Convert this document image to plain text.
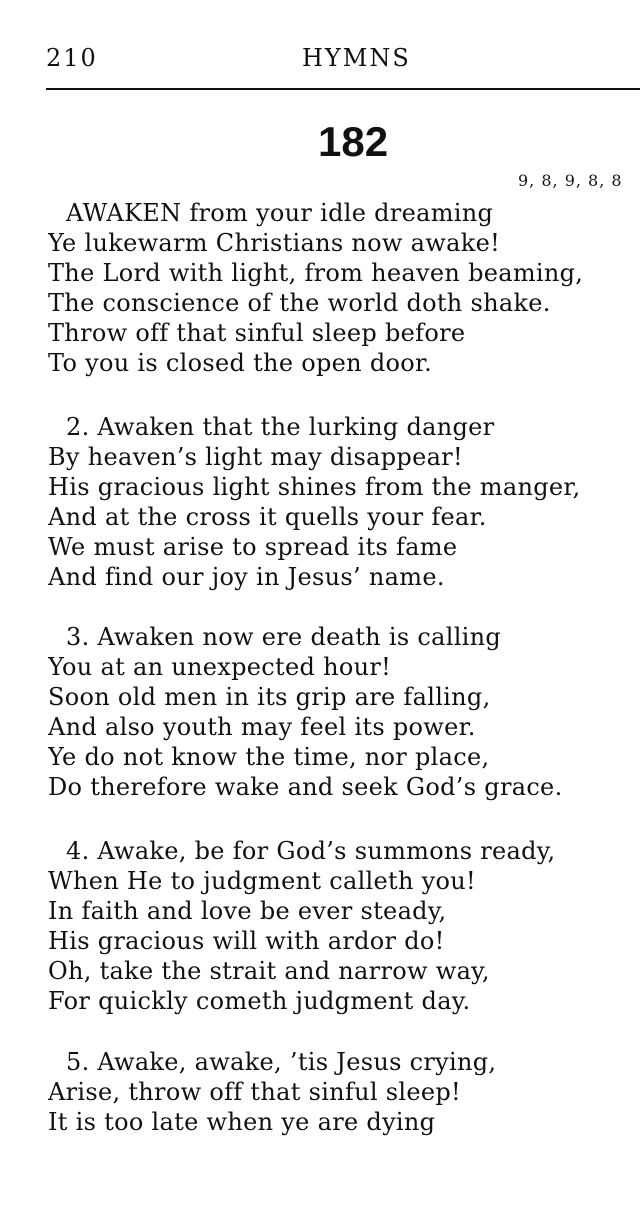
210	HYMNS
182
9, 8, 9, 8, 8
AWAKEN from your idle dreaming
Ye lukewarm Christians now awake!
The Lord with light, from heaven beaming,
The conscience of the world doth shake.
Throw off that sinful sleep before
To you is closed the open door.
2. Awaken that the lurking danger
By heaven’s light may disappear!
His gracious light shines from the manger,
And at the cross it quells your fear.
We must arise to spread its fame
And find our joy in Jesus’ name.
3. Awaken now ere death is calling
You at an unexpected hour!
Soon old men in its grip are falling,
And also youth may feel its power.
Ye do not know the time, nor place,
Do therefore wake and seek God’s grace.
4. Awake, be for God’s summons ready,
When He to judgment calleth you!
In faith and love be ever steady,
His gracious will with ardor do!
Oh, take the strait and narrow way,
For quickly cometh judgment day.
5. Awake, awake, ’tis Jesus crying,
Arise, throw off that sinful sleep!
It is too late when ye are dying
